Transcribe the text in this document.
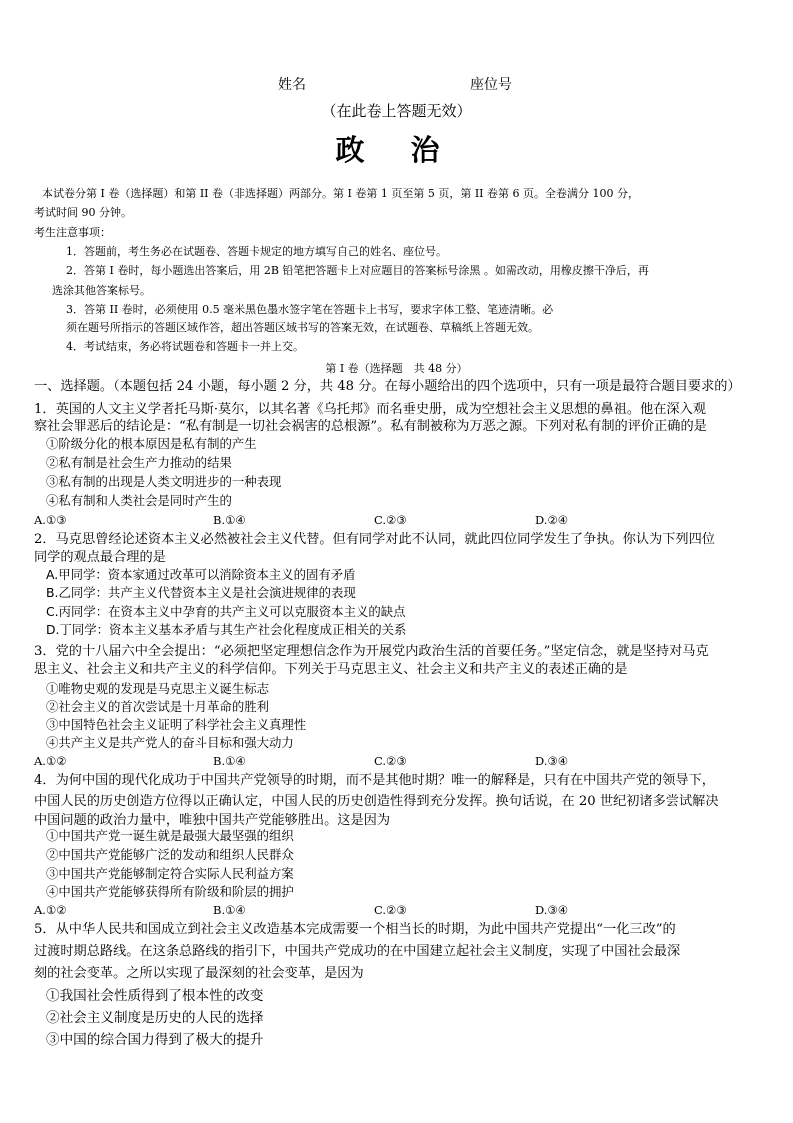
姓名	座位号
（在此卷上答题无效）
政 治
本试卷分第 I 卷（选择题）和第 II 卷（非选择题）两部分。第 I 卷第 1 页至第 5 页，第 II 卷第 6 页。全卷满分 100 分，
考试时间 90 分钟。
考生注意事项：
1．答题前，考生务必在试题卷、答题卡规定的地方填写自己的姓名、座位号。
2．答第 I 卷时，每小题选出答案后，用 2B 铅笔把答题卡上对应题目的答案标号涂黑 。如需改动，用橡皮擦干净后，再
选涂其他答案标号。
3．答第 II 卷时，必须使用 0.5 毫米黑色墨水签字笔在答题卡上书写，要求字体工整、笔迹清晰。必
须在题号所指示的答题区域作答，超出答题区域书写的答案无效，在试题卷、草稿纸上答题无效。
4．考试结束，务必将试题卷和答题卡一并上交。
第 I 卷（选择题　共 48 分）
一、选择题。（本题包括 24 小题，每小题 2 分，共 48 分。在每小题给出的四个选项中，只有一项是最符合题目要求的）
1．英国的人文主义学者托马斯·莫尔，以其名著《乌托邦》而名垂史册，成为空想社会主义思想的鼻祖。他在深入观
察社会罪恶后的结论是：“私有制是一切社会祸害的总根源”。私有制被称为万恶之源。下列对私有制的评价正确的是
①阶级分化的根本原因是私有制的产生
②私有制是社会生产力推动的结果
③私有制的出现是人类文明进步的一种表现
④私有制和人类社会是同时产生的
A.①③	B.①④	C.②③	D.②④
2．马克思曾经论述资本主义必然被社会主义代替。但有同学对此不认同，就此四位同学发生了争执。你认为下列四位
同学的观点最合理的是
A.甲同学：资本家通过改革可以消除资本主义的固有矛盾
B.乙同学：共产主义代替资本主义是社会演进规律的表现
C.丙同学：在资本主义中孕育的共产主义可以克服资本主义的缺点
D.丁同学：资本主义基本矛盾与其生产社会化程度成正相关的关系
3．党的十八届六中全会提出：“必须把坚定理想信念作为开展党内政治生活的首要任务。”坚定信念，就是坚持对马克
思主义、社会主义和共产主义的科学信仰。下列关于马克思主义、社会主义和共产主义的表述正确的是
①唯物史观的发现是马克思主义诞生标志
②社会主义的首次尝试是十月革命的胜利
③中国特色社会主义证明了科学社会主义真理性
④共产主义是共产党人的奋斗目标和强大动力
A.①②	B.①④	C.②③	D.③④
4．为何中国的现代化成功于中国共产党领导的时期，而不是其他时期？唯一的解释是，只有在中国共产党的领导下，
中国人民的历史创造方位得以正确认定，中国人民的历史创造性得到充分发挥。换句话说，在 20 世纪初诸多尝试解决
中国问题的政治力量中，唯独中国共产党能够胜出。这是因为
①中国共产党一诞生就是最强大最坚强的组织
②中国共产党能够广泛的发动和组织人民群众
③中国共产党能够制定符合实际人民利益方案
④中国共产党能够获得所有阶级和阶层的拥护
A.①②	B.①④	C.②③	D.③④
5．从中华人民共和国成立到社会主义改造基本完成需要一个相当长的时期，为此中国共产党提出“一化三改”的
过渡时期总路线。在这条总路线的指引下，中国共产党成功的在中国建立起社会主义制度，实现了中国社会最深
刻的社会变革。之所以实现了最深刻的社会变革，是因为
①我国社会性质得到了根本性的改变
②社会主义制度是历史的人民的选择
③中国的综合国力得到了极大的提升
